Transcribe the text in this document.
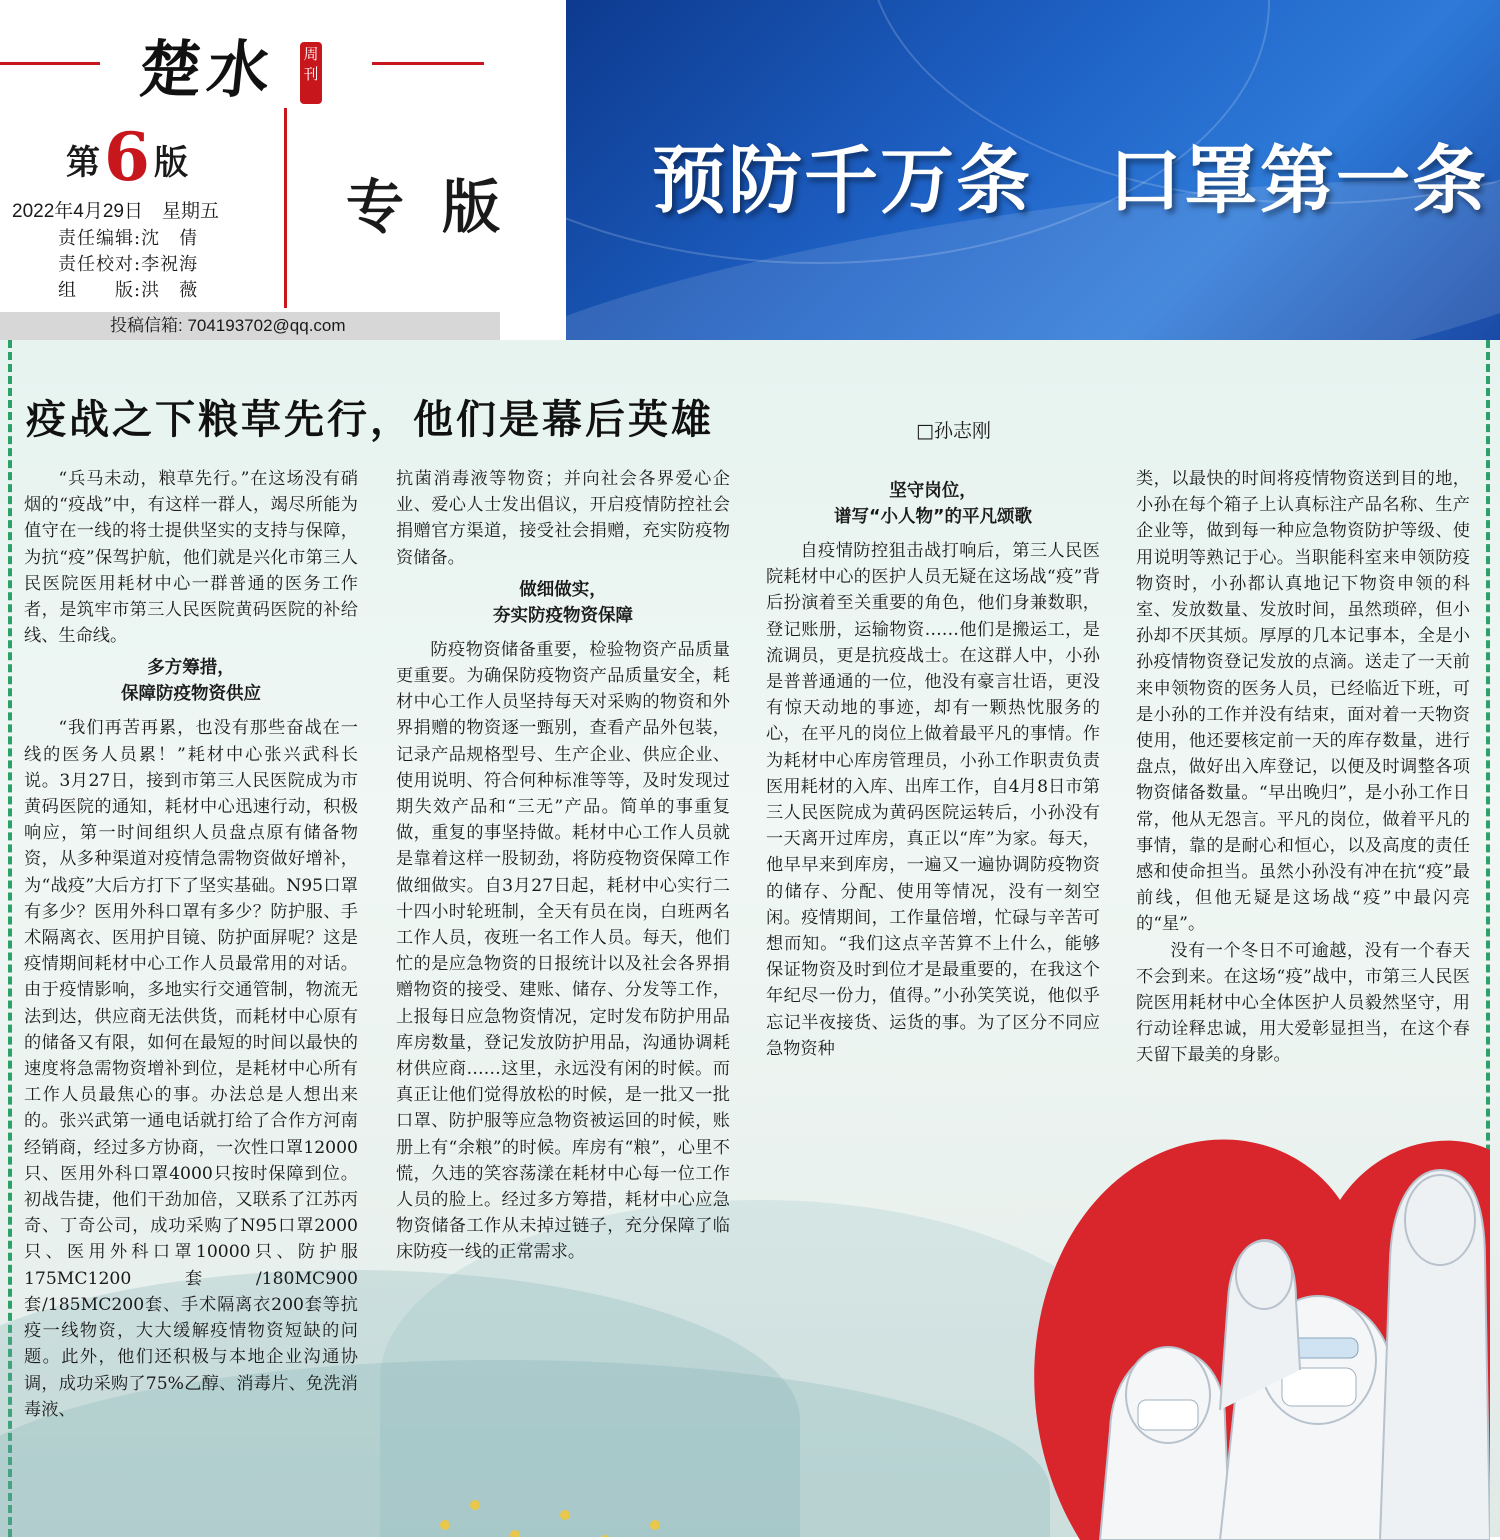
楚水 周刊
第6 版
专版
2022年4月29日　星期五
责任编辑:沈　倩
责任校对:李祝海
组　　版:洪　薇
投稿信箱: 704193702@qq.com
预防千万条　口罩第一条
疫战之下粮草先行，他们是幕后英雄	□孙志刚

“兵马未动，粮草先行。”在这场没有硝烟的“疫战”中，有这样一群人，竭尽所能为值守在一线的将士提供坚实的支持与保障，为抗“疫”保驾护航，他们就是兴化市第三人民医院医用耗材中心一群普通的医务工作者，是筑牢市第三人民医院黄码医院的补给线、生命线。

多方筹措，
保障防疫物资供应

“我们再苦再累，也没有那些奋战在一线的医务人员累！”耗材中心张兴武科长说。3月27日，接到市第三人民医院成为市黄码医院的通知，耗材中心迅速行动，积极响应，第一时间组织人员盘点原有储备物资，从多种渠道对疫情急需物资做好增补，为“战疫”大后方打下了坚实基础。N95口罩有多少？医用外科口罩有多少？防护服、手术隔离衣、医用护目镜、防护面屏呢？这是疫情期间耗材中心工作人员最常用的对话。由于疫情影响，多地实行交通管制，物流无法到达，供应商无法供货，而耗材中心原有的储备又有限，如何在最短的时间以最快的速度将急需物资增补到位，是耗材中心所有工作人员最焦心的事。办法总是人想出来的。张兴武第一通电话就打给了合作方河南经销商，经过多方协商，一次性口罩12000只、医用外科口罩4000只按时保障到位。初战告捷，他们干劲加倍，又联系了江苏丙奇、丁奇公司，成功采购了N95口罩2000只、医用外科口罩10000只、防护服175MC1200套/180MC900套/185MC200套、手术隔离衣200套等抗疫一线物资，大大缓解疫情物资短缺的问题。此外，他们还积极与本地企业沟通协调，成功采购了75%乙醇、消毒片、免洗消毒液、

抗菌消毒液等物资；并向社会各界爱心企业、爱心人士发出倡议，开启疫情防控社会捐赠官方渠道，接受社会捐赠，充实防疫物资储备。

做细做实，
夯实防疫物资保障

防疫物资储备重要，检验物资产品质量更重要。为确保防疫物资产品质量安全，耗材中心工作人员坚持每天对采购的物资和外界捐赠的物资逐一甄别，查看产品外包装，记录产品规格型号、生产企业、供应企业、使用说明、符合何种标准等等，及时发现过期失效产品和“三无”产品。简单的事重复做，重复的事坚持做。耗材中心工作人员就是靠着这样一股韧劲，将防疫物资保障工作做细做实。自3月27日起，耗材中心实行二十四小时轮班制，全天有员在岗，白班两名工作人员，夜班一名工作人员。每天，他们忙的是应急物资的日报统计以及社会各界捐赠物资的接受、建账、储存、分发等工作，上报每日应急物资情况，定时发布防护用品库房数量，登记发放防护用品，沟通协调耗材供应商……这里，永远没有闲的时候。而真正让他们觉得放松的时候，是一批又一批口罩、防护服等应急物资被运回的时候，账册上有“余粮”的时候。库房有“粮”，心里不慌，久违的笑容荡漾在耗材中心每一位工作人员的脸上。经过多方筹措，耗材中心应急物资储备工作从未掉过链子，充分保障了临床防疫一线的正常需求。

坚守岗位，
谱写“小人物”的平凡颂歌

自疫情防控狙击战打响后，第三人民医院耗材中心的医护人员无疑在这场战“疫”背后扮演着至关重要的角色，他们身兼数职，登记账册，运输物资……他们是搬运工，是流调员，更是抗疫战士。在这群人中，小孙是普普通通的一位，他没有豪言壮语，更没有惊天动地的事迹，却有一颗热忱服务的心，在平凡的岗位上做着最平凡的事情。作为耗材中心库房管理员，小孙工作职责负责医用耗材的入库、出库工作，自4月8日市第三人民医院成为黄码医院运转后，小孙没有一天离开过库房，真正以“库”为家。每天，他早早来到库房，一遍又一遍协调防疫物资的储存、分配、使用等情况，没有一刻空闲。疫情期间，工作量倍增，忙碌与辛苦可想而知。“我们这点辛苦算不上什么，能够保证物资及时到位才是最重要的，在我这个年纪尽一份力，值得。”小孙笑笑说，他似乎忘记半夜接货、运货的事。为了区分不同应急物资种

类，以最快的时间将疫情物资送到目的地，小孙在每个箱子上认真标注产品名称、生产企业等，做到每一种应急物资防护等级、使用说明等熟记于心。当职能科室来申领防疫物资时，小孙都认真地记下物资申领的科室、发放数量、发放时间，虽然琐碎，但小孙却不厌其烦。厚厚的几本记事本，全是小孙疫情物资登记发放的点滴。送走了一天前来申领物资的医务人员，已经临近下班，可是小孙的工作并没有结束，面对着一天物资使用，他还要核定前一天的库存数量，进行盘点，做好出入库登记，以便及时调整各项物资储备数量。“早出晚归”，是小孙工作日常，他从无怨言。平凡的岗位，做着平凡的事情，靠的是耐心和恒心，以及高度的责任感和使命担当。虽然小孙没有冲在抗“疫”最前线，但他无疑是这场战“疫”中最闪亮的“星”。

没有一个冬日不可逾越，没有一个春天不会到来。在这场“疫”战中，市第三人民医院医用耗材中心全体医护人员毅然坚守，用行动诠释忠诚，用大爱彰显担当，在这个春天留下最美的身影。
